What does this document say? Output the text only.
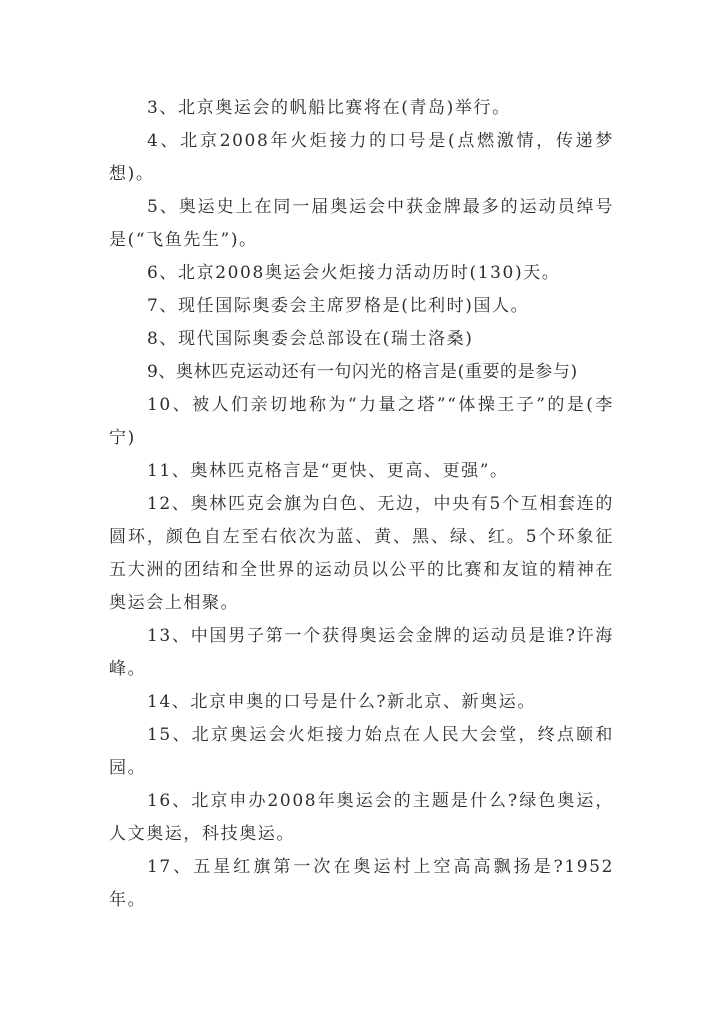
3、北京奥运会的帆船比赛将在(青岛)举行。

4、北京2008年火炬接力的口号是(点燃激情，传递梦想)。

5、奥运史上在同一届奥运会中获金牌最多的运动员绰号是(“飞鱼先生”)。

6、北京2008奥运会火炬接力活动历时(130)天。

7、现任国际奥委会主席罗格是(比利时)国人。

8、现代国际奥委会总部设在(瑞士洛桑)

9、奥林匹克运动还有一句闪光的格言是(重要的是参与)

10、被人们亲切地称为“力量之塔”“体操王子”的是(李宁)

11、奥林匹克格言是“更快、更高、更强”。

12、奥林匹克会旗为白色、无边，中央有5个互相套连的圆环，颜色自左至右依次为蓝、黄、黑、绿、红。5个环象征五大洲的团结和全世界的运动员以公平的比赛和友谊的精神在奥运会上相聚。

13、中国男子第一个获得奥运会金牌的运动员是谁?许海峰。

14、北京申奥的口号是什么?新北京、新奥运。

15、北京奥运会火炬接力始点在人民大会堂，终点颐和园。

16、北京申办2008年奥运会的主题是什么?绿色奥运，人文奥运，科技奥运。

17、五星红旗第一次在奥运村上空高高飘扬是?1952年。
